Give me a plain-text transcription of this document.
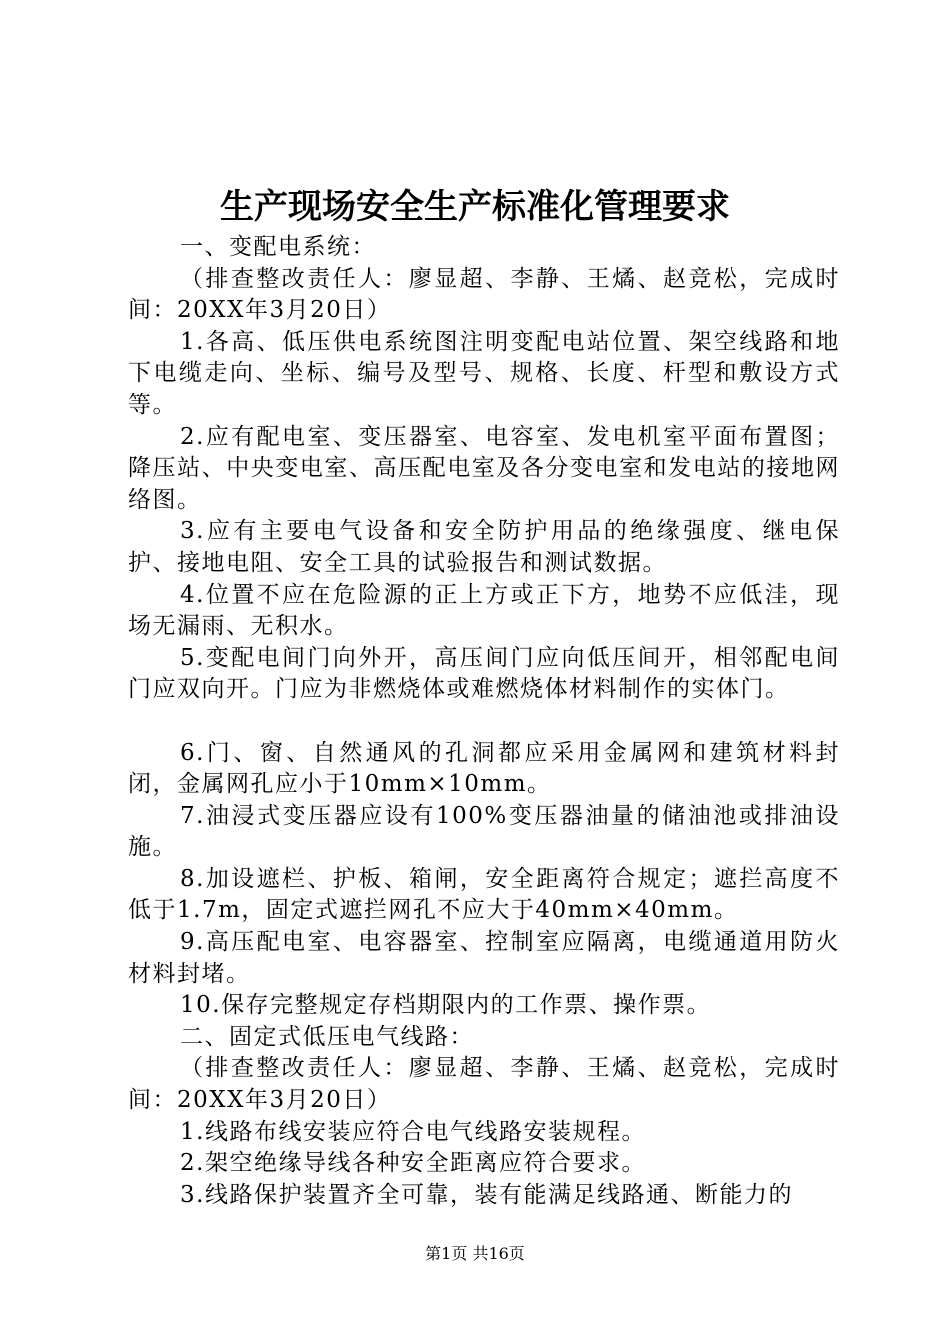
生产现场安全生产标准化管理要求

一、变配电系统：

（排查整改责任人：廖显超、李静、王燏、赵竞松，完成时间：20XX年3月20日）

1.各高、低压供电系统图注明变配电站位置、架空线路和地下电缆走向、坐标、编号及型号、规格、长度、杆型和敷设方式等。

2.应有配电室、变压器室、电容室、发电机室平面布置图；降压站、中央变电室、高压配电室及各分变电室和发电站的接地网络图。

3.应有主要电气设备和安全防护用品的绝缘强度、继电保护、接地电阻、安全工具的试验报告和测试数据。

4.位置不应在危险源的正上方或正下方，地势不应低洼，现场无漏雨、无积水。

5.变配电间门向外开，高压间门应向低压间开，相邻配电间门应双向开。门应为非燃烧体或难燃烧体材料制作的实体门。

6.门、窗、自然通风的孔洞都应采用金属网和建筑材料封闭，金属网孔应小于10mm×10mm。

7.油浸式变压器应设有100%变压器油量的储油池或排油设施。

8.加设遮栏、护板、箱闸，安全距离符合规定；遮拦高度不低于1.7m，固定式遮拦网孔不应大于40mm×40mm。

9.高压配电室、电容器室、控制室应隔离，电缆通道用防火材料封堵。

10.保存完整规定存档期限内的工作票、操作票。

二、固定式低压电气线路：

（排查整改责任人：廖显超、李静、王燏、赵竞松，完成时间：20XX年3月20日）

1.线路布线安装应符合电气线路安装规程。

2.架空绝缘导线各种安全距离应符合要求。

3.线路保护装置齐全可靠，装有能满足线路通、断能力的

第1页 共16页
